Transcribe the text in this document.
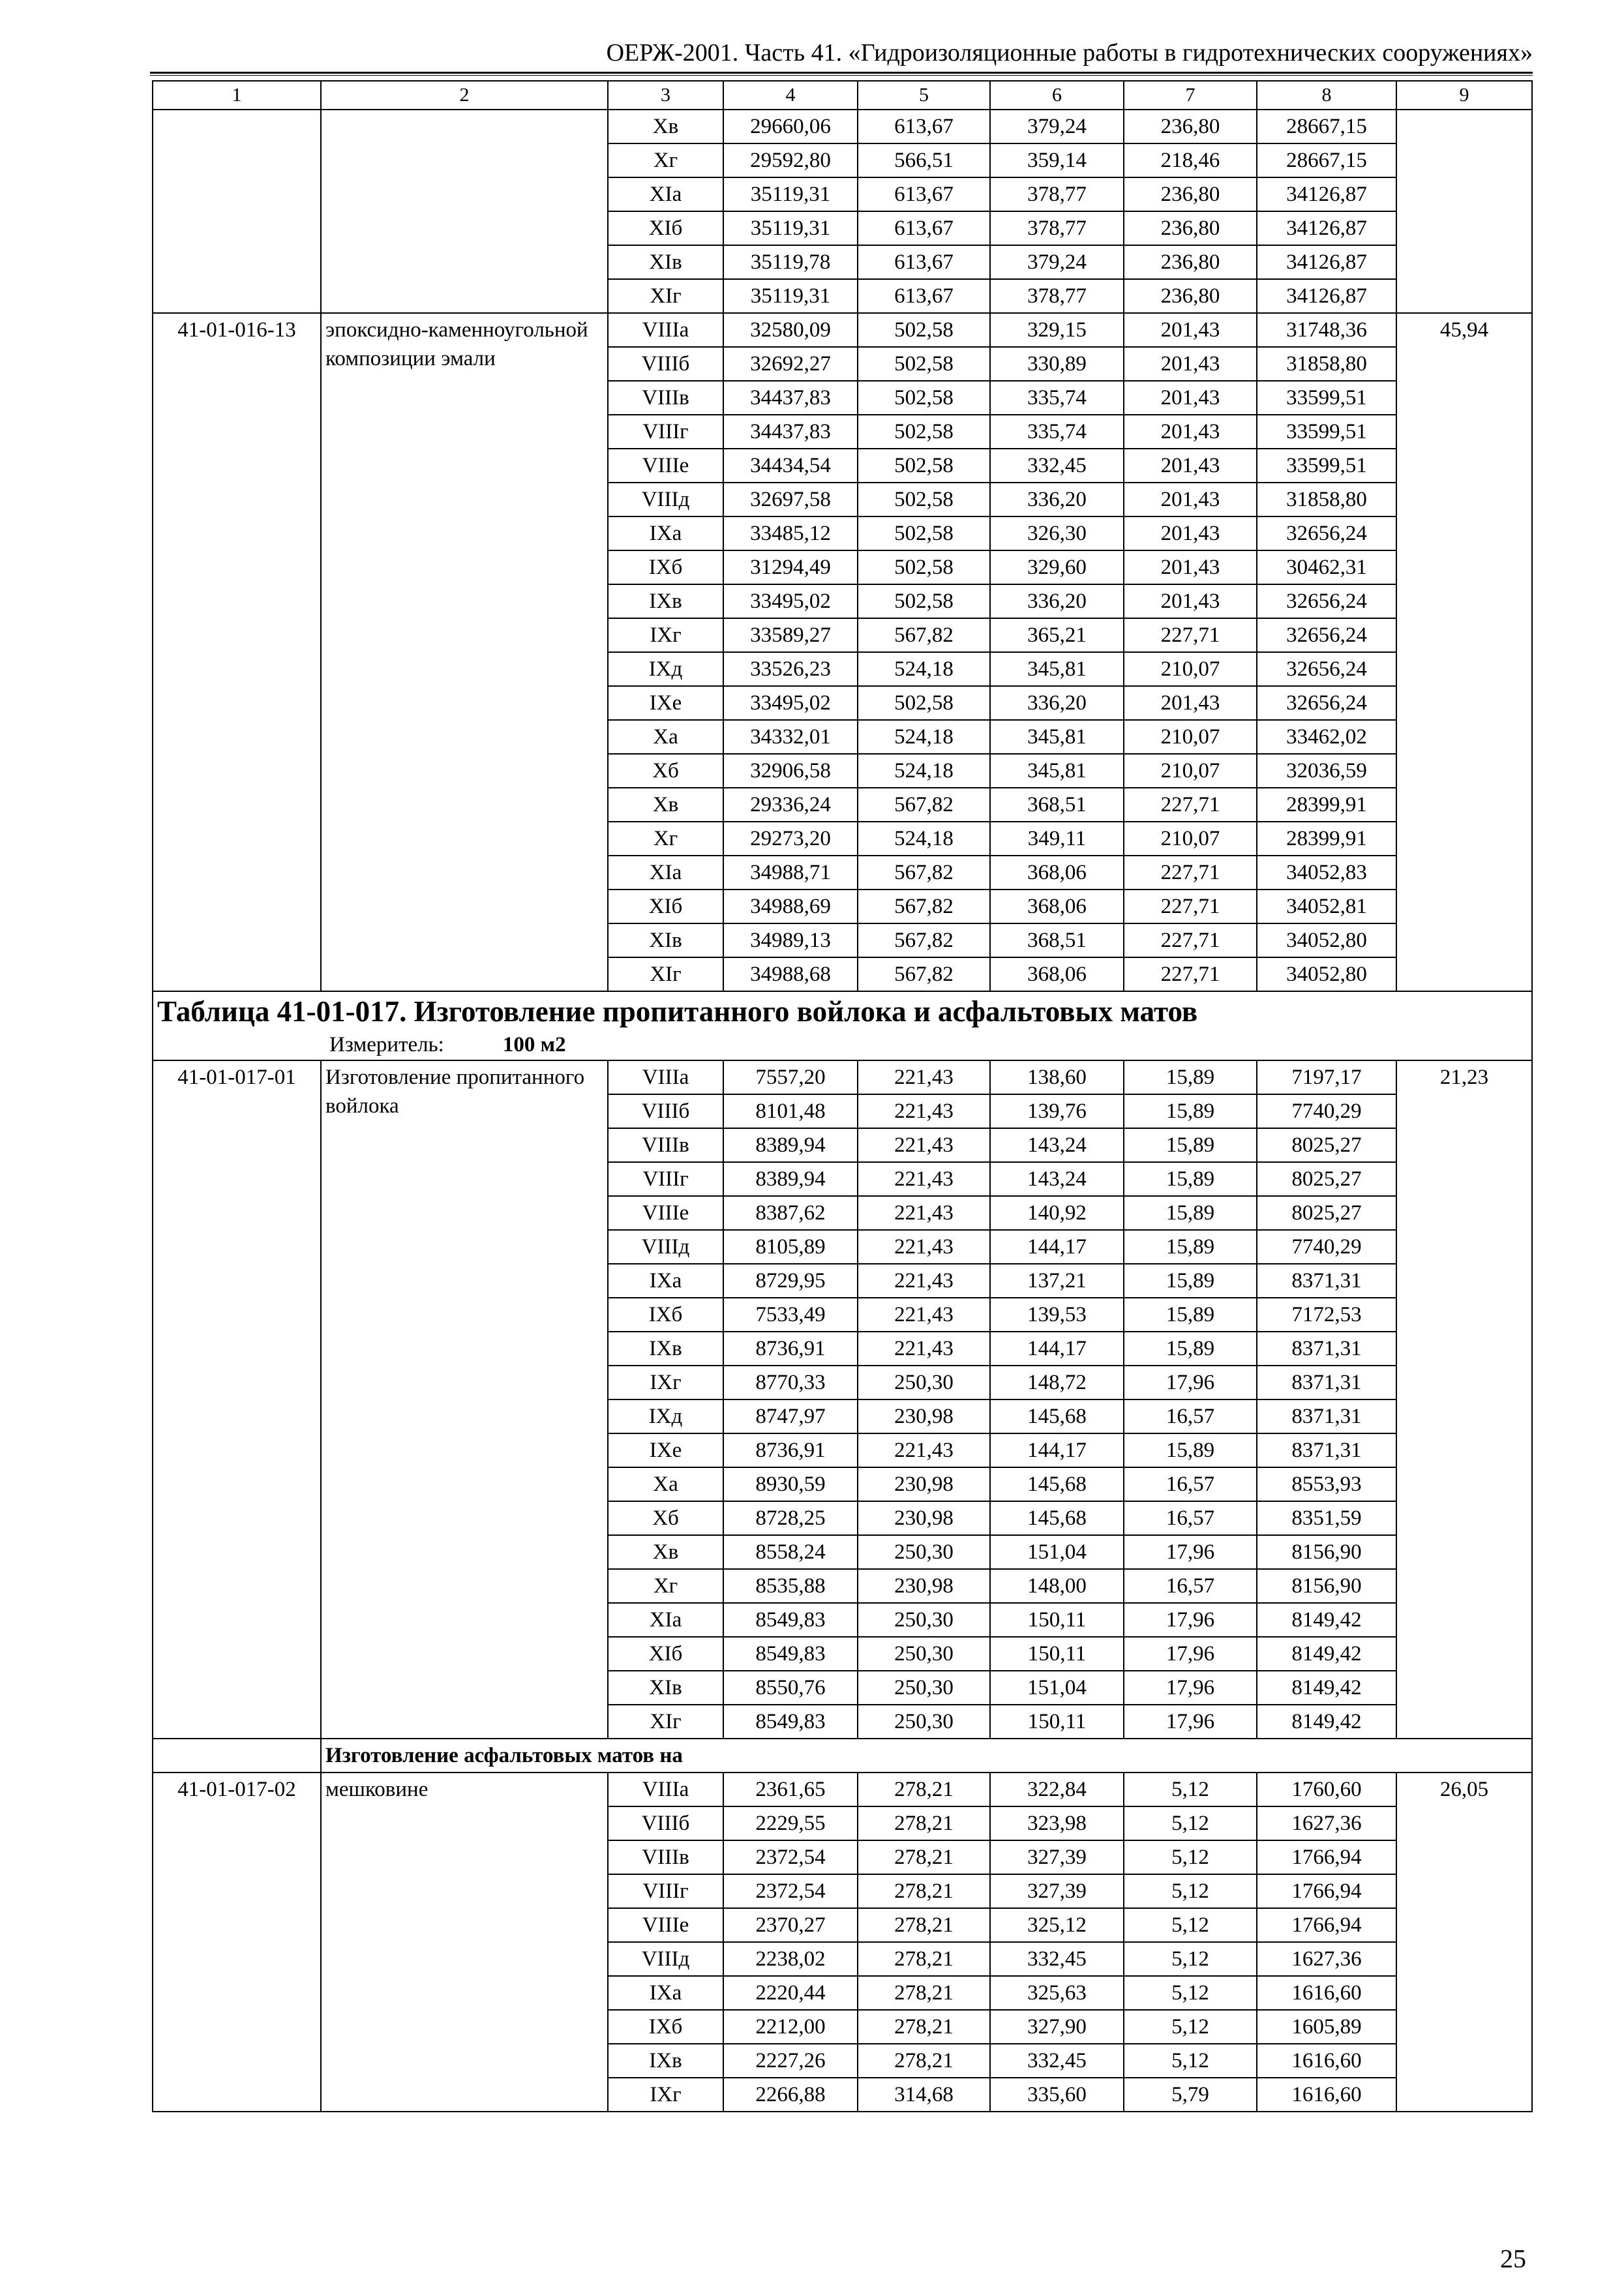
ОЕРЖ-2001. Часть 41. «Гидроизоляционные работы в гидротехнических сооружениях»
1	2	3	4	5	6	7	8	9
		Хв	29660,06	613,67	379,24	236,80	28667,15	
		Хг	29592,80	566,51	359,14	218,46	28667,15	
		ХIа	35119,31	613,67	378,77	236,80	34126,87	
		ХIб	35119,31	613,67	378,77	236,80	34126,87	
		ХIв	35119,78	613,67	379,24	236,80	34126,87	
		ХIг	35119,31	613,67	378,77	236,80	34126,87	
41-01-016-13	эпоксидно-каменноугольной композиции эмали	VIIIа	32580,09	502,58	329,15	201,43	31748,36	45,94
		VIIIб	32692,27	502,58	330,89	201,43	31858,80	
		VIIIв	34437,83	502,58	335,74	201,43	33599,51	
		VIIIг	34437,83	502,58	335,74	201,43	33599,51	
		VIIIе	34434,54	502,58	332,45	201,43	33599,51	
		VIIIд	32697,58	502,58	336,20	201,43	31858,80	
		IХа	33485,12	502,58	326,30	201,43	32656,24	
		IХб	31294,49	502,58	329,60	201,43	30462,31	
		IХв	33495,02	502,58	336,20	201,43	32656,24	
		IХг	33589,27	567,82	365,21	227,71	32656,24	
		IХд	33526,23	524,18	345,81	210,07	32656,24	
		IХе	33495,02	502,58	336,20	201,43	32656,24	
		Ха	34332,01	524,18	345,81	210,07	33462,02	
		Хб	32906,58	524,18	345,81	210,07	32036,59	
		Хв	29336,24	567,82	368,51	227,71	28399,91	
		Хг	29273,20	524,18	349,11	210,07	28399,91	
		ХIа	34988,71	567,82	368,06	227,71	34052,83	
		ХIб	34988,69	567,82	368,06	227,71	34052,81	
		ХIв	34989,13	567,82	368,51	227,71	34052,80	
		ХIг	34988,68	567,82	368,06	227,71	34052,80	
Таблица 41-01-017. Изготовление пропитанного войлока и асфальтовых матов								
Измеритель: 100 м2								
41-01-017-01	Изготовление пропитанного войлока	VIIIа	7557,20	221,43	138,60	15,89	7197,17	21,23
		VIIIб	8101,48	221,43	139,76	15,89	7740,29	
		VIIIв	8389,94	221,43	143,24	15,89	8025,27	
		VIIIг	8389,94	221,43	143,24	15,89	8025,27	
		VIIIе	8387,62	221,43	140,92	15,89	8025,27	
		VIIIд	8105,89	221,43	144,17	15,89	7740,29	
		IХа	8729,95	221,43	137,21	15,89	8371,31	
		IХб	7533,49	221,43	139,53	15,89	7172,53	
		IХв	8736,91	221,43	144,17	15,89	8371,31	
		IХг	8770,33	250,30	148,72	17,96	8371,31	
		IХд	8747,97	230,98	145,68	16,57	8371,31	
		IХе	8736,91	221,43	144,17	15,89	8371,31	
		Ха	8930,59	230,98	145,68	16,57	8553,93	
		Хб	8728,25	230,98	145,68	16,57	8351,59	
		Хв	8558,24	250,30	151,04	17,96	8156,90	
		Хг	8535,88	230,98	148,00	16,57	8156,90	
		ХIа	8549,83	250,30	150,11	17,96	8149,42	
		ХIб	8549,83	250,30	150,11	17,96	8149,42	
		ХIв	8550,76	250,30	151,04	17,96	8149,42	
		ХIг	8549,83	250,30	150,11	17,96	8149,42	
	Изготовление асфальтовых матов на							
41-01-017-02	мешковине	VIIIа	2361,65	278,21	322,84	5,12	1760,60	26,05
		VIIIб	2229,55	278,21	323,98	5,12	1627,36	
		VIIIв	2372,54	278,21	327,39	5,12	1766,94	
		VIIIг	2372,54	278,21	327,39	5,12	1766,94	
		VIIIе	2370,27	278,21	325,12	5,12	1766,94	
		VIIIд	2238,02	278,21	332,45	5,12	1627,36	
		IХа	2220,44	278,21	325,63	5,12	1616,60	
		IХб	2212,00	278,21	327,90	5,12	1605,89	
		IХв	2227,26	278,21	332,45	5,12	1616,60	
		IХг	2266,88	314,68	335,60	5,79	1616,60	
25
